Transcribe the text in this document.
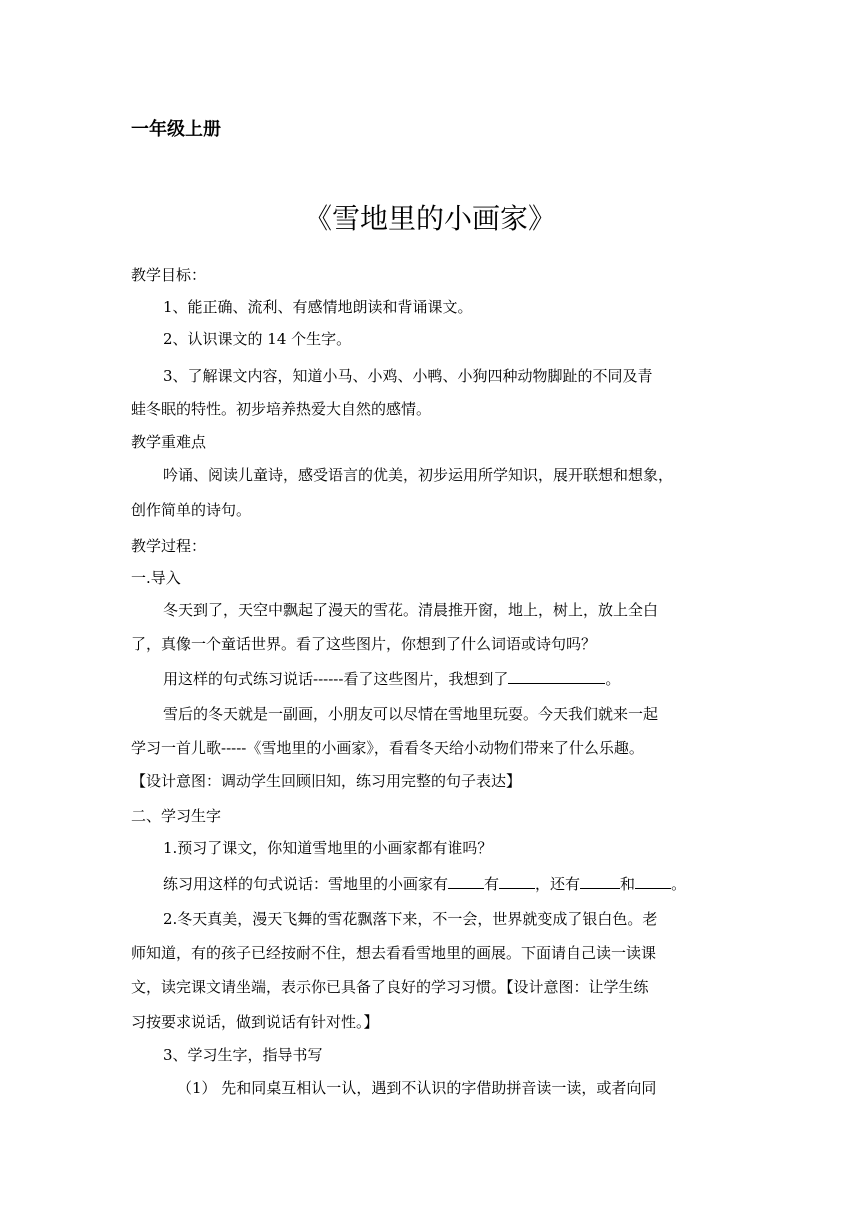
一年级上册
《雪地里的小画家》
教学目标：
1、能正确、流利、有感情地朗读和背诵课文。
2、认识课文的 14 个生字。
3、了解课文内容，知道小马、小鸡、小鸭、小狗四种动物脚趾的不同及青
蛙冬眠的特性。初步培养热爱大自然的感情。
教学重难点
吟诵、阅读儿童诗，感受语言的优美，初步运用所学知识，展开联想和想象，
创作简单的诗句。
教学过程：
一.导入
冬天到了，天空中飘起了漫天的雪花。清晨推开窗，地上，树上，放上全白
了，真像一个童话世界。看了这些图片，你想到了什么词语或诗句吗？
用这样的句式练习说话------看了这些图片，我想到了	。
雪后的冬天就是一副画，小朋友可以尽情在雪地里玩耍。今天我们就来一起
学习一首儿歌-----《雪地里的小画家》，看看冬天给小动物们带来了什么乐趣。
【设计意图：调动学生回顾旧知，练习用完整的句子表达】
二、学习生字
1.预习了课文，你知道雪地里的小画家都有谁吗？
练习用这样的句式说话：雪地里的小画家有 有 ，还有	和 。
2.冬天真美，漫天飞舞的雪花飘落下来，不一会，世界就变成了银白色。老
师知道，有的孩子已经按耐不住，想去看看雪地里的画展。下面请自己读一读课
文，读完课文请坐端，表示你已具备了良好的学习习惯。【设计意图：让学生练
习按要求说话，做到说话有针对性。】
3、学习生字，指导书写
（1） 先和同桌互相认一认，遇到不认识的字借助拼音读一读，或者向同
